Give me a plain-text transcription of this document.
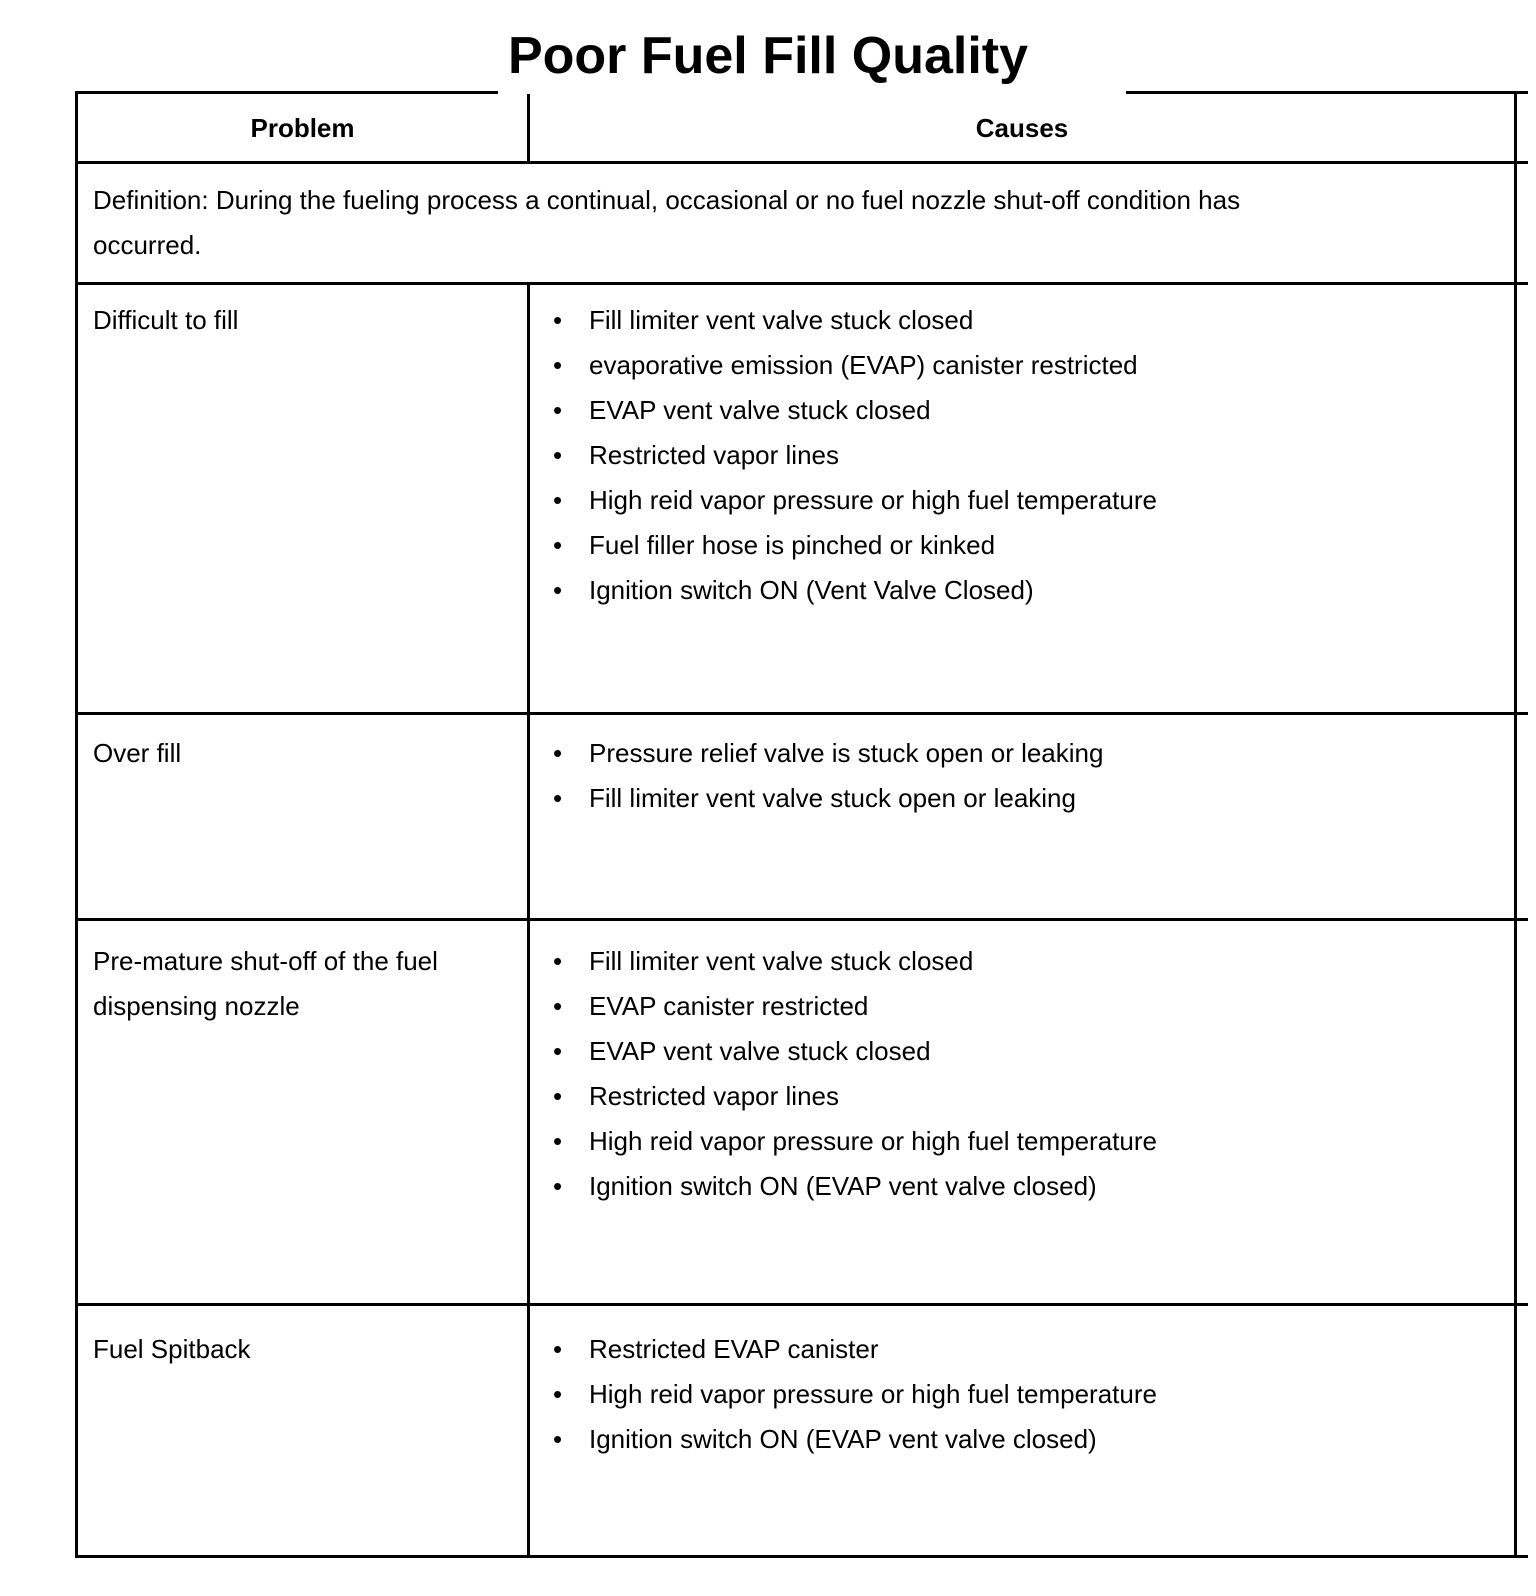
Poor Fuel Fill Quality
Problem	Causes
Definition: During the fueling process a continual, occasional or no fuel nozzle shut-off condition has
occurred.
Difficult to fill	• Fill limiter vent valve stuck closed
• evaporative emission (EVAP) canister restricted
• EVAP vent valve stuck closed
• Restricted vapor lines
• High reid vapor pressure or high fuel temperature
• Fuel filler hose is pinched or kinked
• Ignition switch ON (Vent Valve Closed)
Over fill	• Pressure relief valve is stuck open or leaking
• Fill limiter vent valve stuck open or leaking
Pre-mature shut-off of the fuel
dispensing nozzle
• Fill limiter vent valve stuck closed
• EVAP canister restricted
• EVAP vent valve stuck closed
• Restricted vapor lines
• High reid vapor pressure or high fuel temperature
• Ignition switch ON (EVAP vent valve closed)
Fuel Spitback	• Restricted EVAP canister
• High reid vapor pressure or high fuel temperature
• Ignition switch ON (EVAP vent valve closed)
